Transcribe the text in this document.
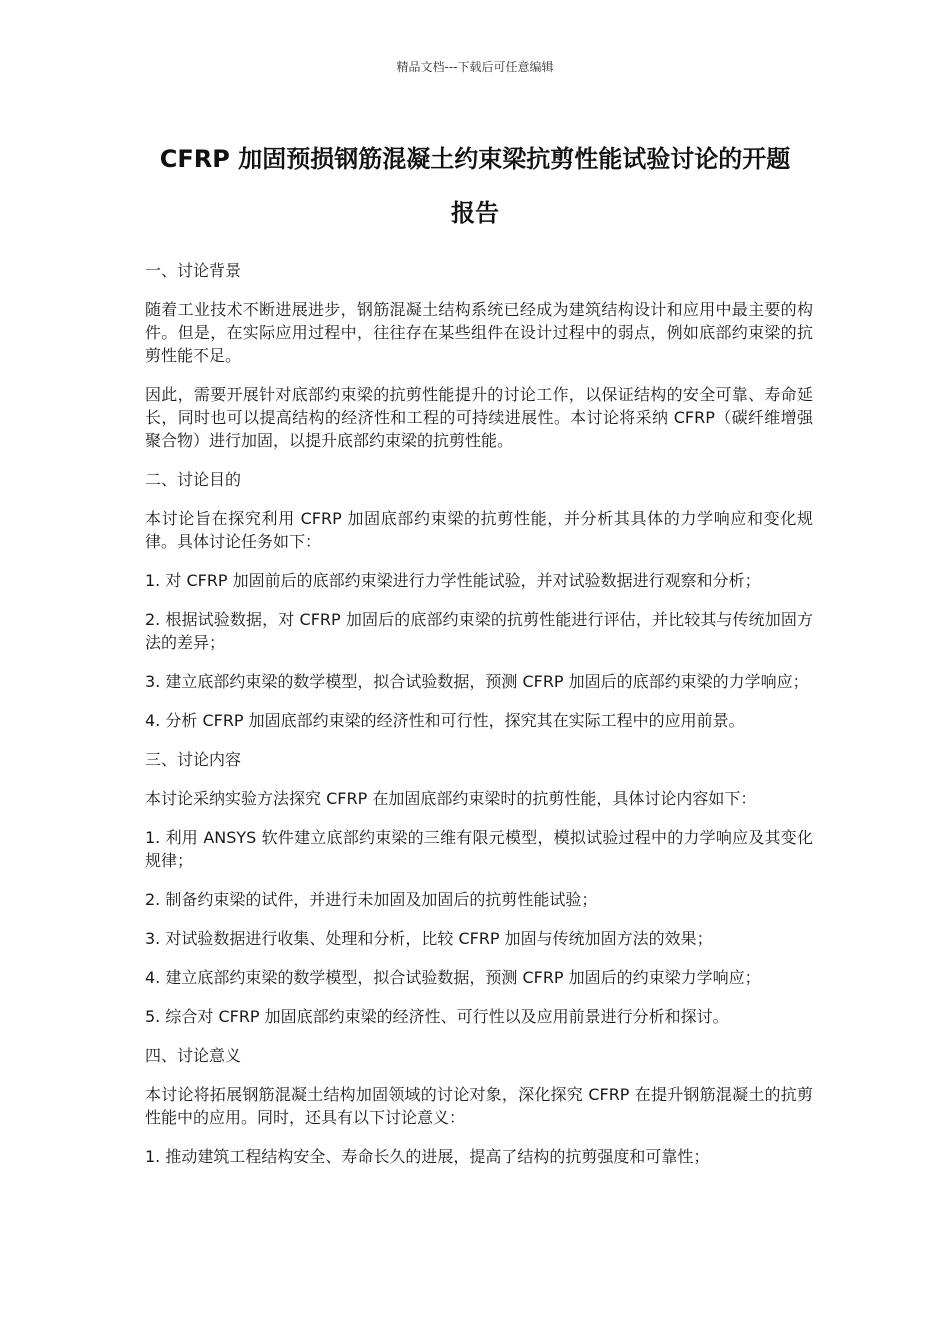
精品文档---下载后可任意编辑
CFRP 加固预损钢筋混凝土约束梁抗剪性能试验讨论的开题
报告

一、讨论背景

随着工业技术不断进展进步，钢筋混凝土结构系统已经成为建筑结构设计和应用中最主要的构件。但是，在实际应用过程中，往往存在某些组件在设计过程中的弱点，例如底部约束梁的抗剪性能不足。

因此，需要开展针对底部约束梁的抗剪性能提升的讨论工作，以保证结构的安全可靠、寿命延长，同时也可以提高结构的经济性和工程的可持续进展性。本讨论将采纳 CFRP（碳纤维增强聚合物）进行加固，以提升底部约束梁的抗剪性能。

二、讨论目的

本讨论旨在探究利用 CFRP 加固底部约束梁的抗剪性能，并分析其具体的力学响应和变化规律。具体讨论任务如下：

1. 对 CFRP 加固前后的底部约束梁进行力学性能试验，并对试验数据进行观察和分析；

2. 根据试验数据，对 CFRP 加固后的底部约束梁的抗剪性能进行评估，并比较其与传统加固方法的差异；

3. 建立底部约束梁的数学模型，拟合试验数据，预测 CFRP 加固后的底部约束梁的力学响应；

4. 分析 CFRP 加固底部约束梁的经济性和可行性，探究其在实际工程中的应用前景。

三、讨论内容

本讨论采纳实验方法探究 CFRP 在加固底部约束梁时的抗剪性能，具体讨论内容如下：

1. 利用 ANSYS 软件建立底部约束梁的三维有限元模型，模拟试验过程中的力学响应及其变化规律；

2. 制备约束梁的试件，并进行未加固及加固后的抗剪性能试验；

3. 对试验数据进行收集、处理和分析，比较 CFRP 加固与传统加固方法的效果；

4. 建立底部约束梁的数学模型，拟合试验数据，预测 CFRP 加固后的约束梁力学响应；

5. 综合对 CFRP 加固底部约束梁的经济性、可行性以及应用前景进行分析和探讨。

四、讨论意义

本讨论将拓展钢筋混凝土结构加固领域的讨论对象，深化探究 CFRP 在提升钢筋混凝土的抗剪性能中的应用。同时，还具有以下讨论意义：

1. 推动建筑工程结构安全、寿命长久的进展，提高了结构的抗剪强度和可靠性；
